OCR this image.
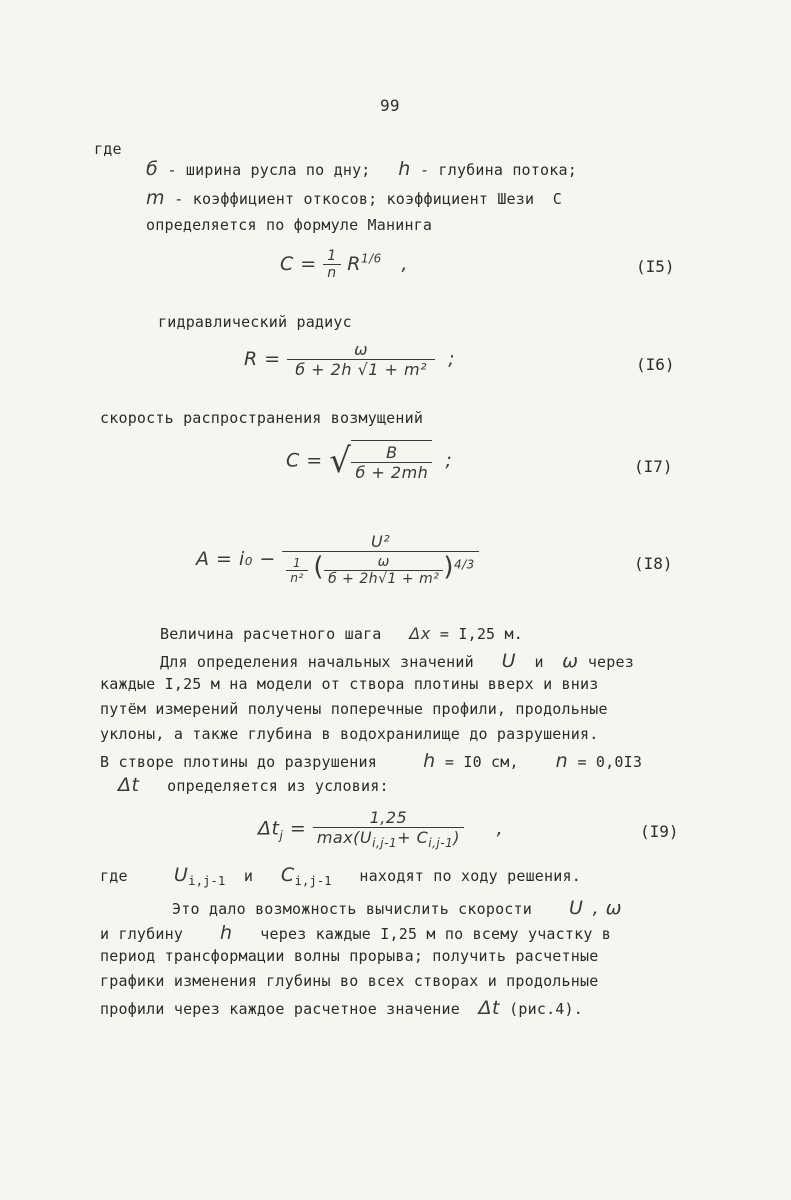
99
где
б - ширина русла по дну; h - глубина потока;
m - коэффициент откосов; коэффициент Шези C
определяется по формуле Манинга
$C = \frac{1}{n} R^{1/6}$ ,	(I5)
гидравлический радиус
$R = \frac{\omega}{\text{б + 2h √1 + m²}}$ ;	(I6)
скорость распространения возмущений
C = √ $\frac{B}{б + 2mh}$ ;	(I7)
A = i₀ −
U²
$\frac{1}{\text{n²}}$ ( $\frac{\omega}{\text{б + 2h√1 + m²}} )^{4/3}$	(I8)
Величина расчетного шага Δx = I,25 м.
Для определения начальных значений U и ω через
каждые I,25 м на модели от створа плотины вверх и вниз
путём измерений получены поперечные профили, продольные
уклоны, а также глубина в водохранилище до разрушения.
В створе плотины до разрушения h = I0 см, n = 0,0I3
Δt определяется из условия:
$\Delta t_j = \frac{1,25}{\max(U_{i,j-1}+ C_{i,j-1})}$ ,	(I9)
где $U_{i,j-1}$ и $C_{i,j-1}$ находят по ходу решения.
Это дало возможность вычислить скорости U , ω
и глубину h через каждые I,25 м по всему участку в
период трансформации волны прорыва; получить расчетные
графики изменения глубины во всех створах и продольные
профили через каждое расчетное значение Δt (рис.4).
